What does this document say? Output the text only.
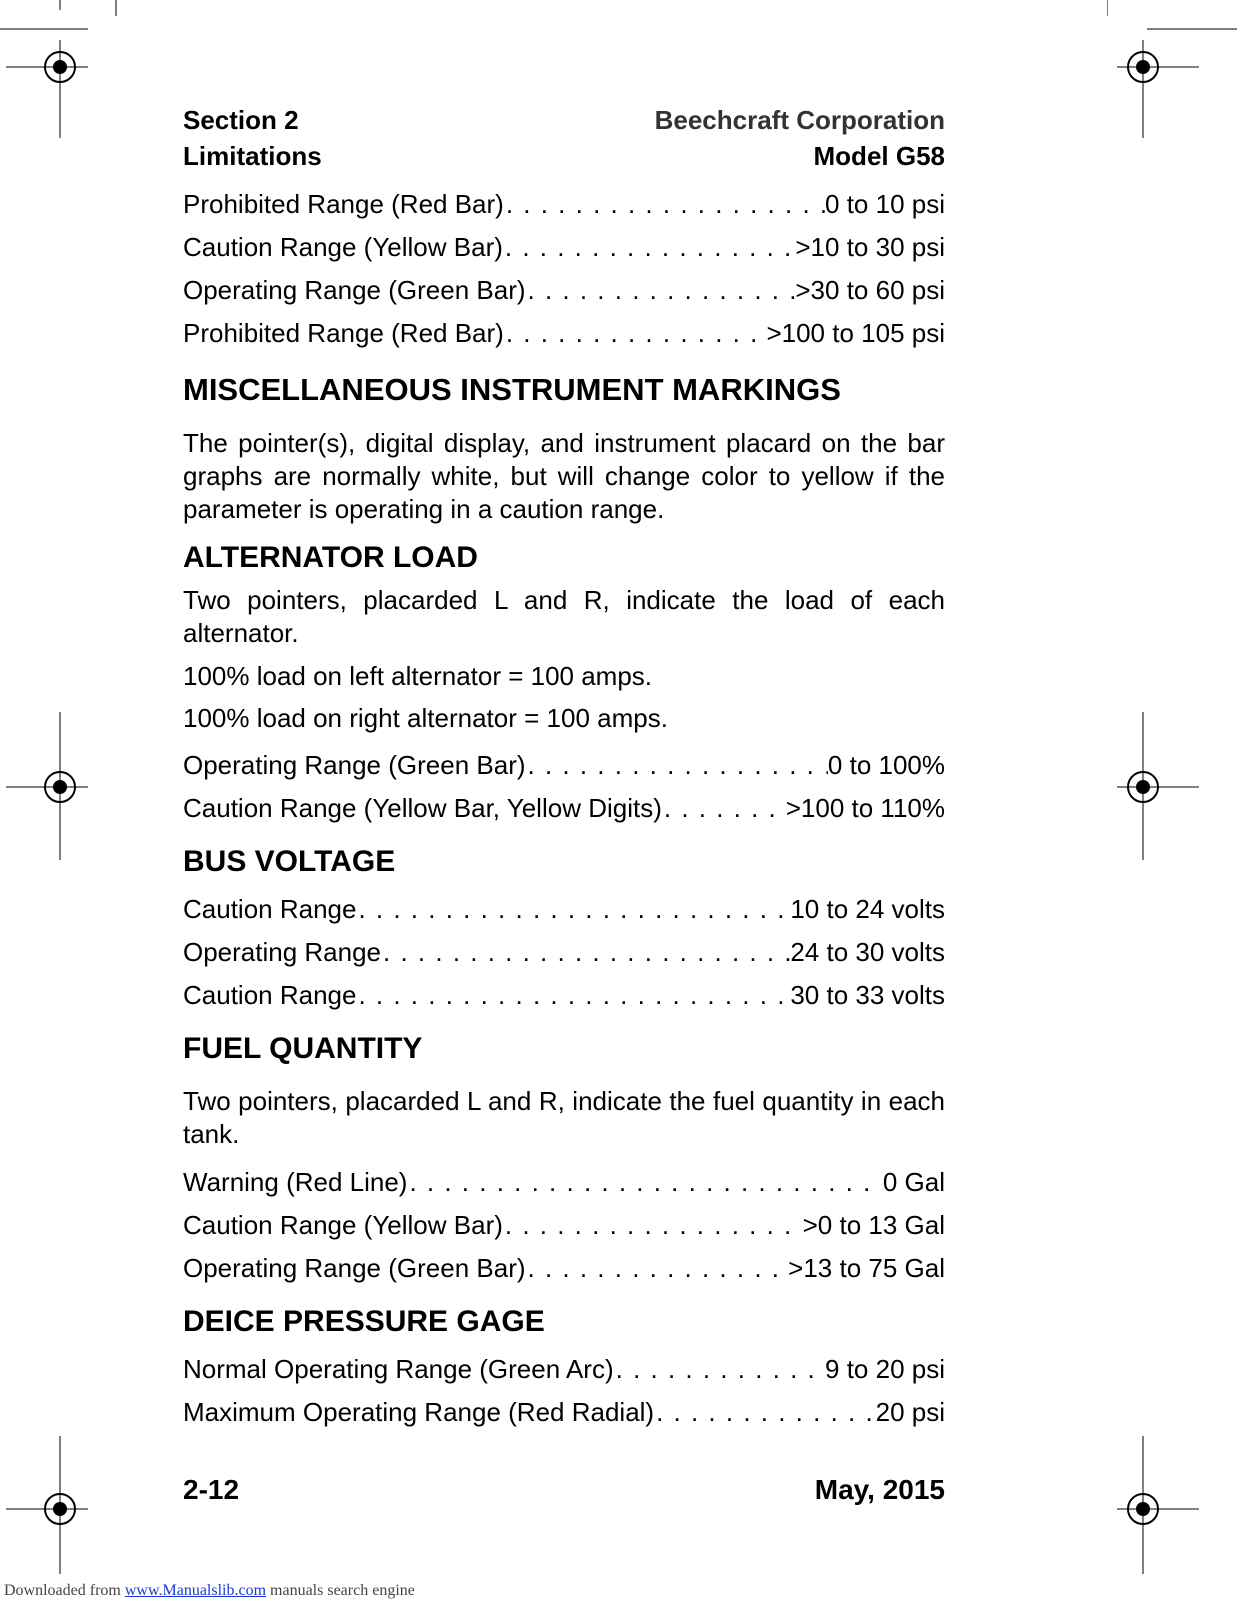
Section 2
Limitations
Beechcraft Corporation
Model G58
Prohibited Range (Red Bar) . . .	0 to 10 psi
Caution Range (Yellow Bar) . . .	>10 to 30 psi
Operating Range (Green Bar) . . .	>30 to 60 psi
Prohibited Range (Red Bar) . . .	>100 to 105 psi
MISCELLANEOUS INSTRUMENT MARKINGS

The pointer(s), digital display, and instrument placard on the bar graphs are normally white, but will change color to yellow if the parameter is operating in a caution range.

ALTERNATOR LOAD

Two pointers, placarded L and R, indicate the load of each alternator.

100% load on left alternator = 100 amps.

100% load on right alternator = 100 amps.

Operating Range (Green Bar) . . .	0 to 100%
Caution Range (Yellow Bar, Yellow Digits) . . .	>100 to 110%
BUS VOLTAGE
Caution Range . . .	10 to 24 volts
Operating Range . . .	24 to 30 volts
Caution Range . . .	30 to 33 volts
FUEL QUANTITY

Two pointers, placarded L and R, indicate the fuel quantity in each tank.

Warning (Red Line) . . .	0 Gal
Caution Range (Yellow Bar) . . .	>0 to 13 Gal
Operating Range (Green Bar) . . .	>13 to 75 Gal
DEICE PRESSURE GAGE
Normal Operating Range (Green Arc) . . .	9 to 20 psi
Maximum Operating Range (Red Radial) . . .	20 psi
2-12	May, 2015
Downloaded from www.Manualslib.com manuals search engine
